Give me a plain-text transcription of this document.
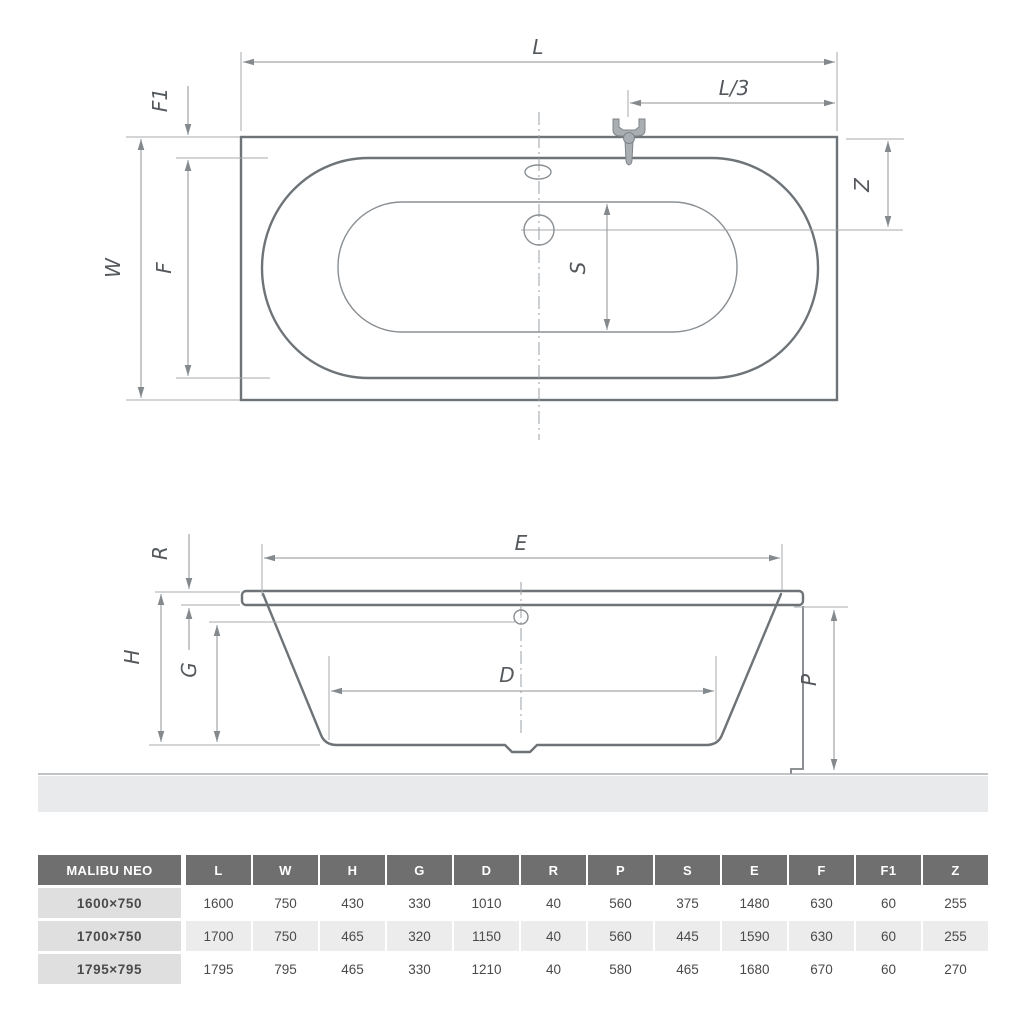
L
L/3
F1
F
W
Z
S
E
R
H
G	D	P
MALIBU NEO	L	W	H	G	D	R	P	S	E	F	F1	Z
1600×750	1600	750	430	330	1010	40	560	375	1480	630	60	255
1700×750	1700	750	465	320	1150	40	560	445	1590	630	60	255
1795×795	1795	795	465	330	1210	40	580	465	1680	670	60	270
